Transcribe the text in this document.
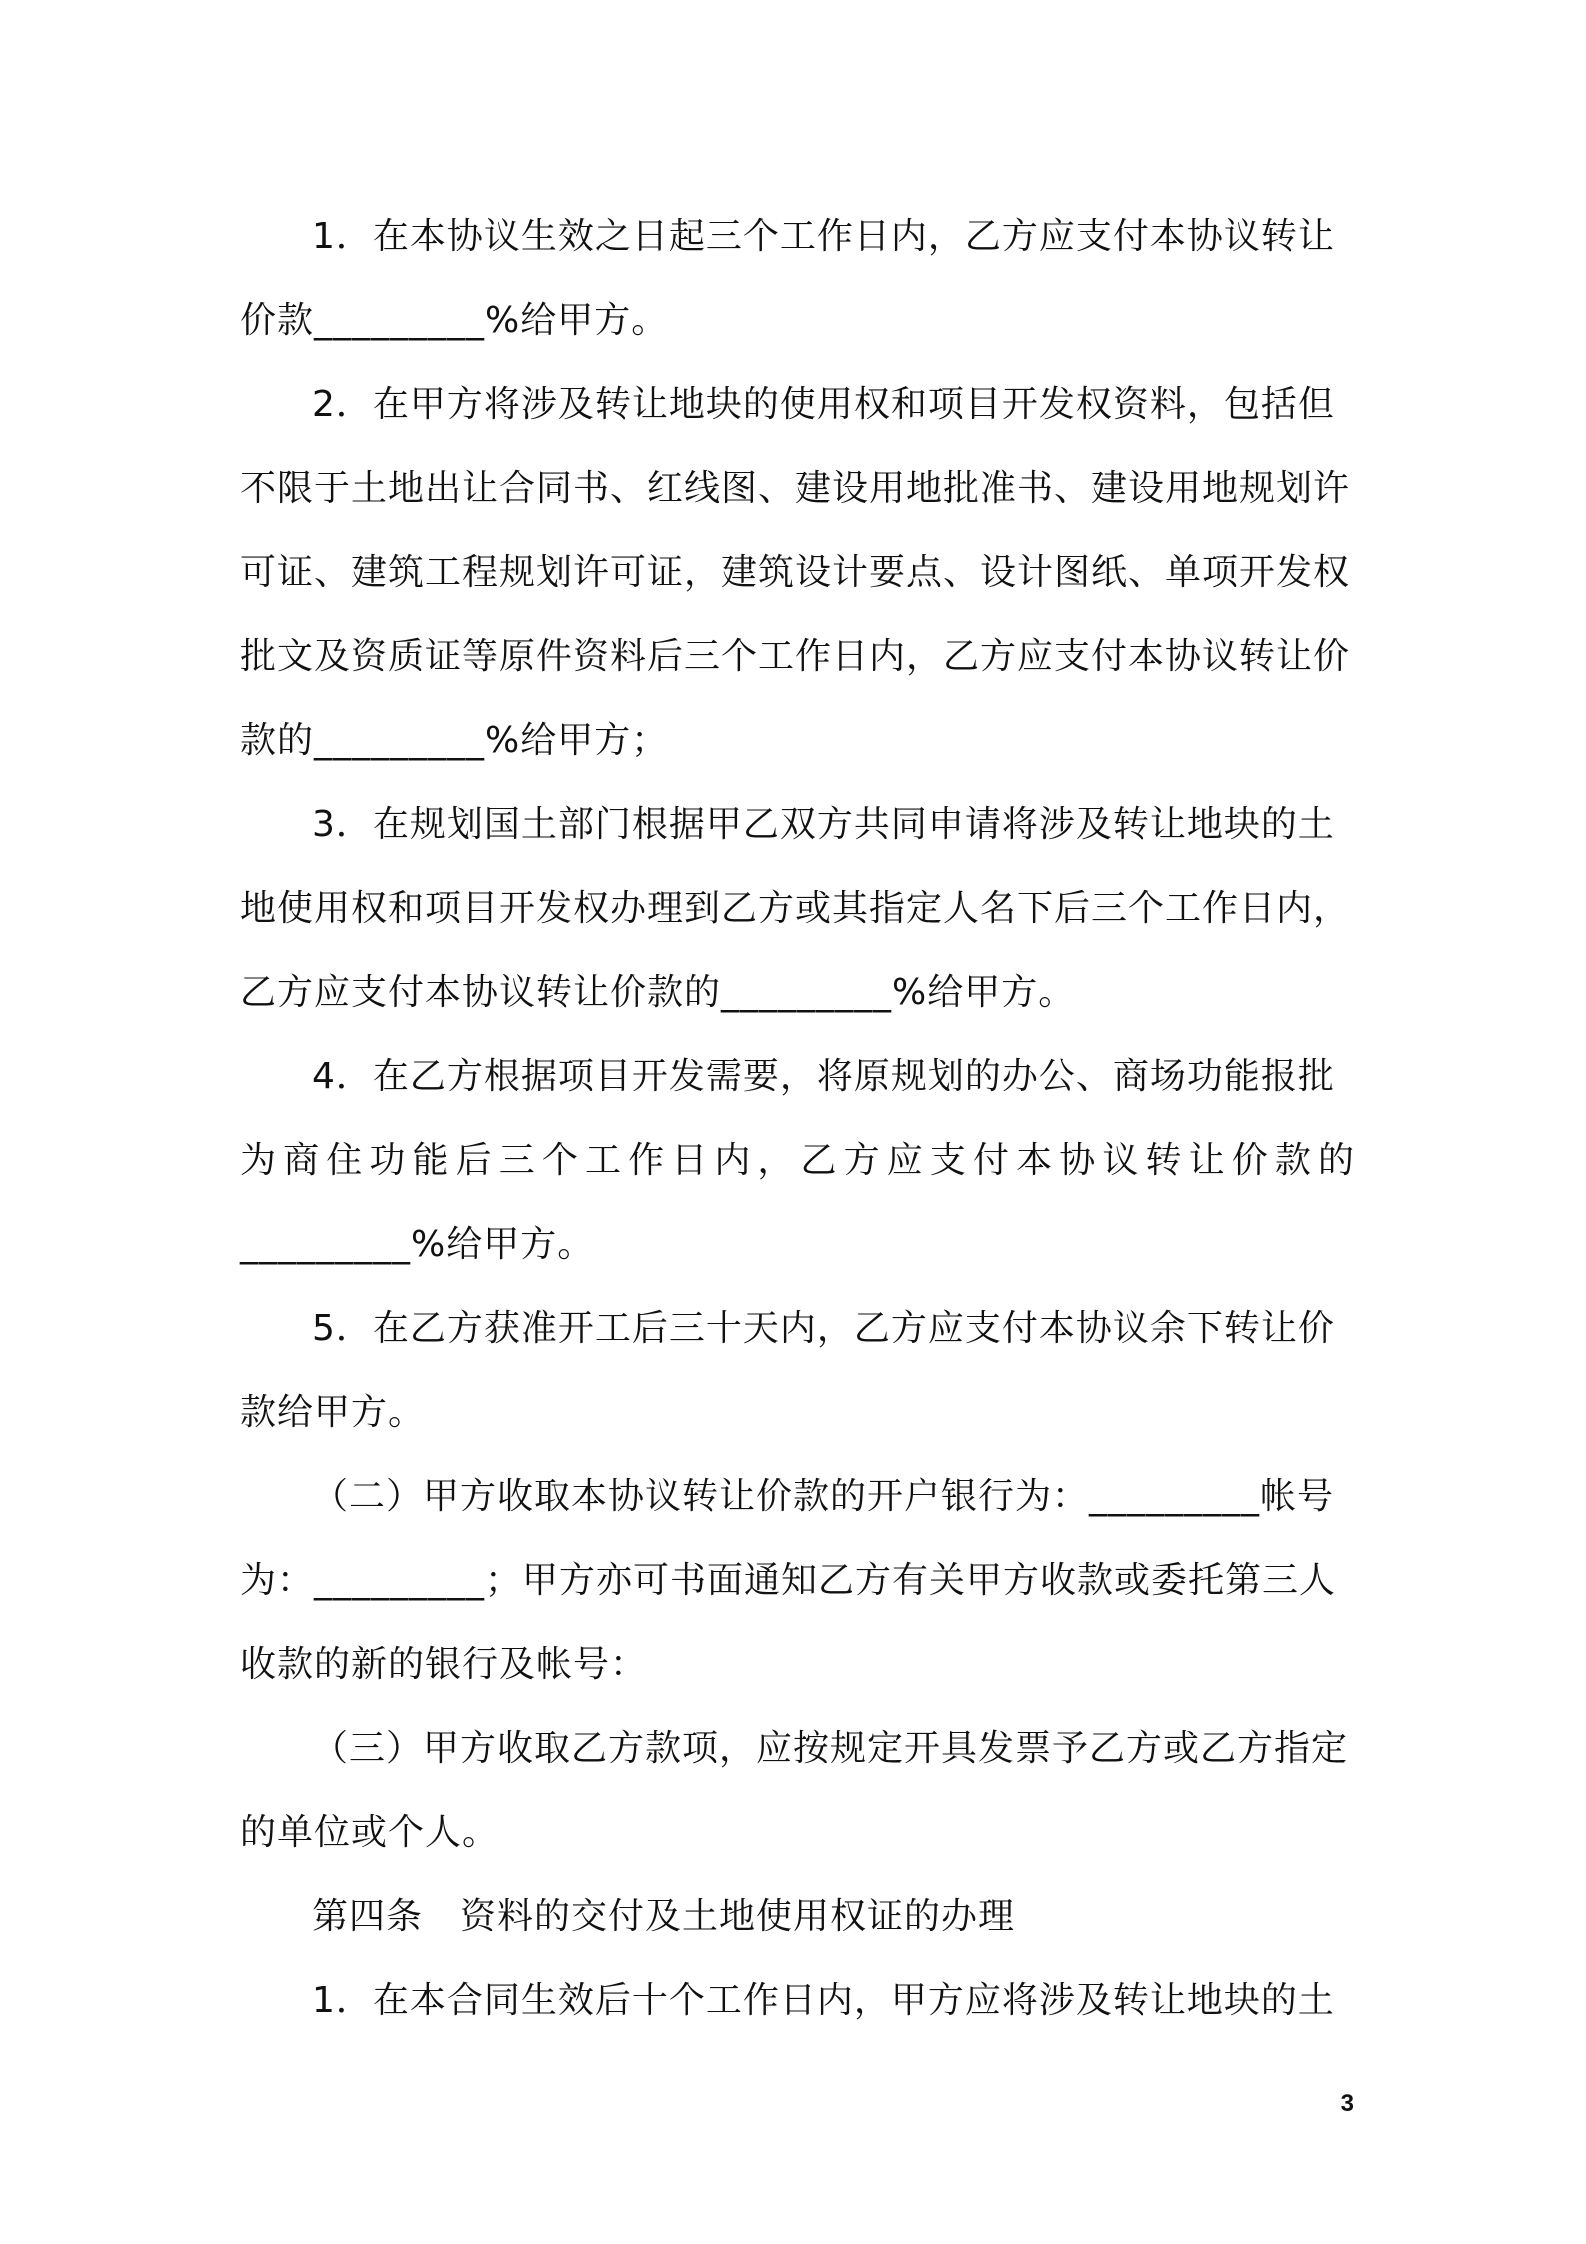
1．在本协议生效之日起三个工作日内，乙方应支付本协议转让
价款_________%给甲方。
2．在甲方将涉及转让地块的使用权和项目开发权资料，包括但
不限于土地出让合同书、红线图、建设用地批准书、建设用地规划许
可证、建筑工程规划许可证，建筑设计要点、设计图纸、单项开发权
批文及资质证等原件资料后三个工作日内，乙方应支付本协议转让价
款的_________%给甲方；
3．在规划国土部门根据甲乙双方共同申请将涉及转让地块的土
地使用权和项目开发权办理到乙方或其指定人名下后三个工作日内，
乙方应支付本协议转让价款的_________%给甲方。
4．在乙方根据项目开发需要，将原规划的办公、商场功能报批
为商住功能后三个工作日内，乙方应支付本协议转让价款的
_________%给甲方。
5．在乙方获准开工后三十天内，乙方应支付本协议余下转让价
款给甲方。
（二）甲方收取本协议转让价款的开户银行为：_________帐号
为：_________；甲方亦可书面通知乙方有关甲方收款或委托第三人
收款的新的银行及帐号：
（三）甲方收取乙方款项，应按规定开具发票予乙方或乙方指定
的单位或个人。
第四条　资料的交付及土地使用权证的办理
1．在本合同生效后十个工作日内，甲方应将涉及转让地块的土
3
